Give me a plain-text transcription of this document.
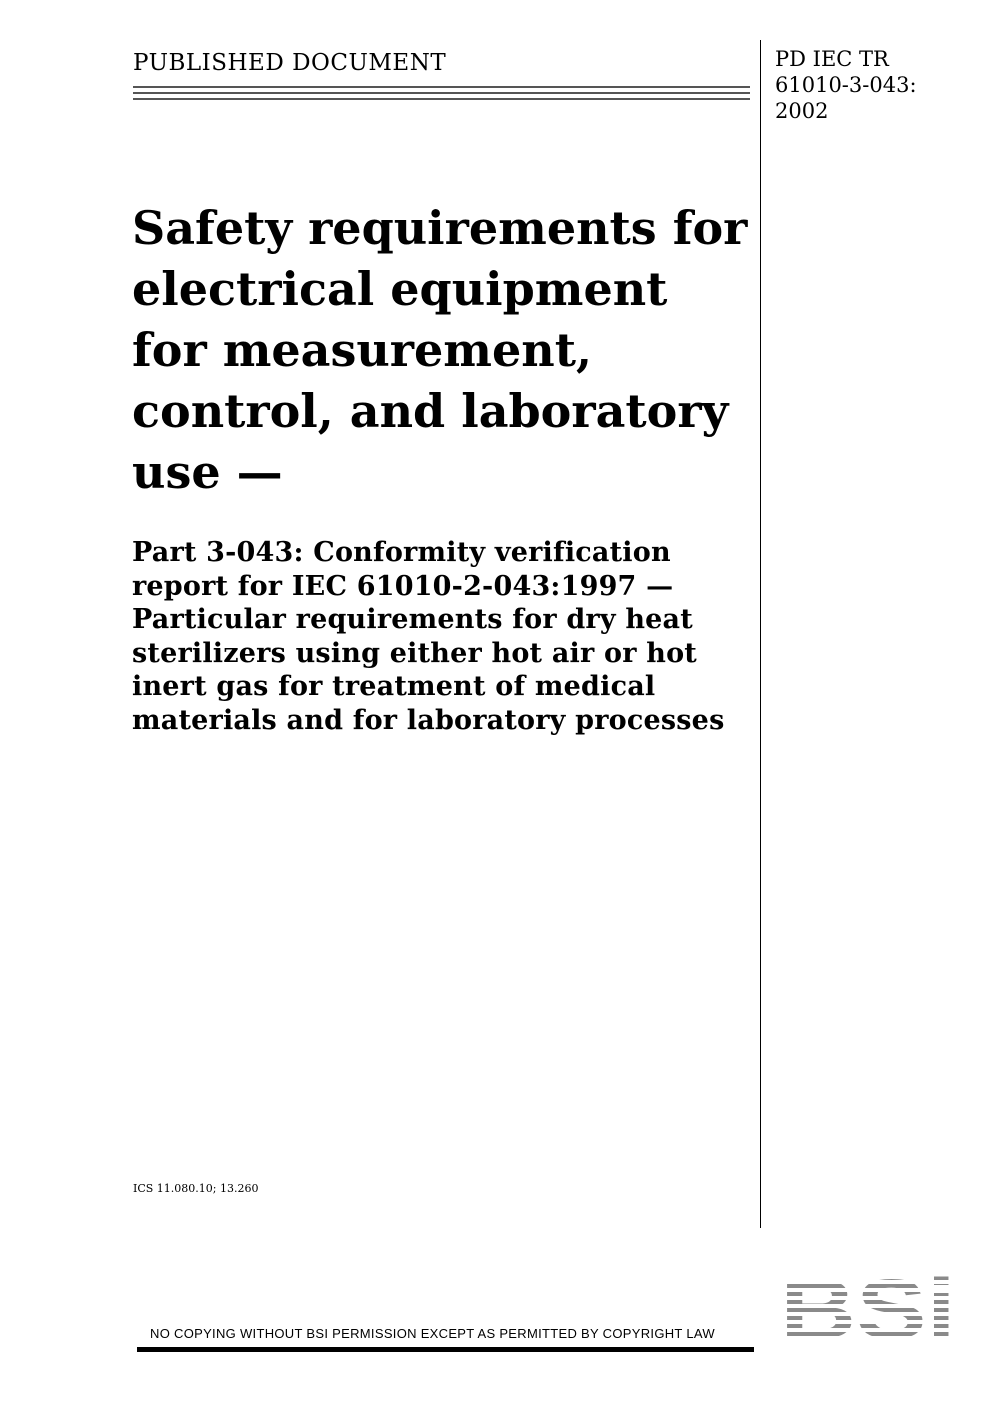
PUBLISHED DOCUMENT	PD IEC TR
61010-3-043:
2002
Safety requirements for
electrical equipment
for measurement,
control, and laboratory
use —
Part 3-043: Conformity verification
report for IEC 61010-2-043:1997 —
Particular requirements for dry heat
sterilizers using either hot air or hot
inert gas for treatment of medical
materials and for laboratory processes
ICS 11.080.10; 13.260
NO COPYING WITHOUT BSI PERMISSION EXCEPT AS PERMITTED BY COPYRIGHT LAW
